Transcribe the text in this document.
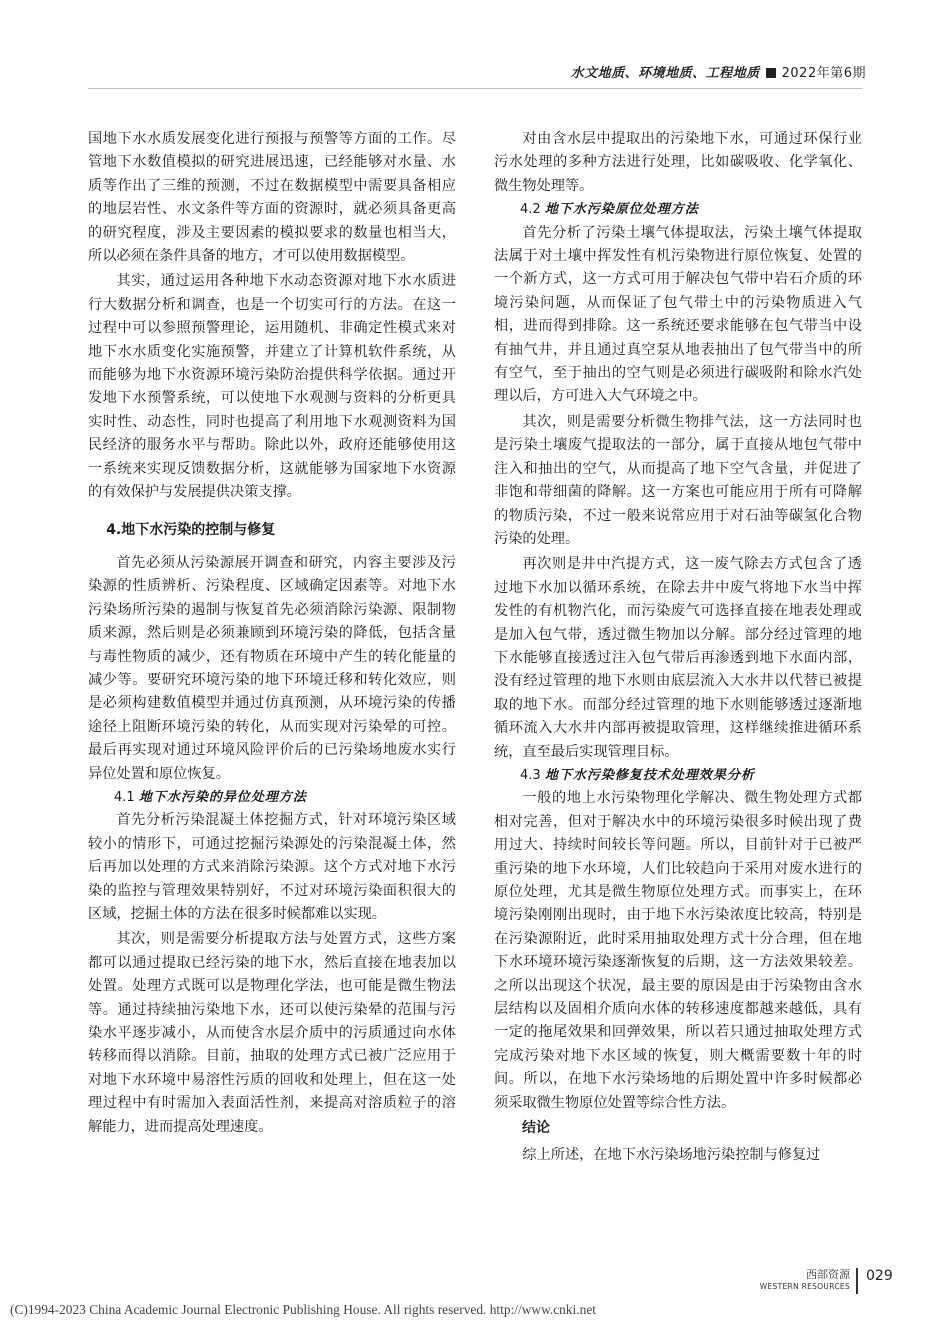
水文地质、环境地质、工程地质 2022年第6期

国地下水水质发展变化进行预报与预警等方面的工作。尽管地下水数值模拟的研究进展迅速，已经能够对水量、水质等作出了三维的预测，不过在数据模型中需要具备相应的地层岩性、水文条件等方面的资源时，就必须具备更高的研究程度，涉及主要因素的模拟要求的数量也相当大，所以必须在条件具备的地方，才可以使用数据模型。

其实，通过运用各种地下水动态资源对地下水水质进行大数据分析和调查，也是一个切实可行的方法。在这一过程中可以参照预警理论，运用随机、非确定性模式来对地下水水质变化实施预警，并建立了计算机软件系统，从而能够为地下水资源环境污染防治提供科学依据。通过开发地下水预警系统，可以使地下水观测与资料的分析更具实时性、动态性，同时也提高了利用地下水观测资料为国民经济的服务水平与帮助。除此以外，政府还能够使用这一系统来实现反馈数据分析，这就能够为国家地下水资源的有效保护与发展提供决策支撑。

4.地下水污染的控制与修复

首先必须从污染源展开调查和研究，内容主要涉及污染源的性质辨析、污染程度、区域确定因素等。对地下水污染场所污染的遏制与恢复首先必须消除污染源、限制物质来源，然后则是必须兼顾到环境污染的降低，包括含量与毒性物质的减少，还有物质在环境中产生的转化能量的减少等。要研究环境污染的地下环境迁移和转化效应，则是必须构建数值模型并通过仿真预测，从环境污染的传播途径上阻断环境污染的转化，从而实现对污染晕的可控。最后再实现对通过环境风险评价后的已污染场地废水实行异位处置和原位恢复。

4.1 地下水污染的异位处理方法

首先分析污染混凝土体挖掘方式，针对环境污染区域较小的情形下，可通过挖掘污染源处的污染混凝土体，然后再加以处理的方式来消除污染源。这个方式对地下水污染的监控与管理效果特别好，不过对环境污染面积很大的区域，挖掘土体的方法在很多时候都难以实现。

其次，则是需要分析提取方法与处置方式，这些方案都可以通过提取已经污染的地下水，然后直接在地表加以处置。处理方式既可以是物理化学法，也可能是微生物法等。通过持续抽污染地下水，还可以使污染晕的范围与污染水平逐步减小，从而使含水层介质中的污质通过向水体转移而得以消除。目前，抽取的处理方式已被广泛应用于对地下水环境中易溶性污质的回收和处理上，但在这一处理过程中有时需加入表面活性剂，来提高对溶质粒子的溶解能力，进而提高处理速度。

对由含水层中提取出的污染地下水，可通过环保行业污水处理的多种方法进行处理，比如碳吸收、化学氧化、微生物处理等。

4.2 地下水污染原位处理方法

首先分析了污染土壤气体提取法，污染土壤气体提取法属于对土壤中挥发性有机污染物进行原位恢复、处置的一个新方式，这一方式可用于解决包气带中岩石介质的环境污染问题，从而保证了包气带土中的污染物质进入气相，进而得到排除。这一系统还要求能够在包气带当中设有抽气井，并且通过真空泵从地表抽出了包气带当中的所有空气，至于抽出的空气则是必须进行碳吸附和除水汽处理以后，方可进入大气环境之中。

其次，则是需要分析微生物排气法，这一方法同时也是污染土壤废气提取法的一部分，属于直接从地包气带中注入和抽出的空气，从而提高了地下空气含量，并促进了非饱和带细菌的降解。这一方案也可能应用于所有可降解的物质污染，不过一般来说常应用于对石油等碳氢化合物污染的处理。

再次则是井中汽提方式，这一废气除去方式包含了透过地下水加以循环系统，在除去井中废气将地下水当中挥发性的有机物汽化，而污染废气可选择直接在地表处理或是加入包气带，透过微生物加以分解。部分经过管理的地下水能够直接透过注入包气带后再渗透到地下水面内部，没有经过管理的地下水则由底层流入大水井以代替已被提取的地下水。而部分经过管理的地下水则能够透过逐渐地循环流入大水井内部再被提取管理，这样继续推进循环系统，直至最后实现管理目标。

4.3 地下水污染修复技术处理效果分析

一般的地上水污染物理化学解决、微生物处理方式都相对完善，但对于解决水中的环境污染很多时候出现了费用过大、持续时间较长等问题。所以，目前针对于已被严重污染的地下水环境，人们比较趋向于采用对废水进行的原位处理，尤其是微生物原位处理方式。而事实上，在环境污染刚刚出现时，由于地下水污染浓度比较高，特别是在污染源附近，此时采用抽取处理方式十分合理，但在地下水环境环境污染逐渐恢复的后期，这一方法效果较差。之所以出现这个状况，最主要的原因是由于污染物由含水层结构以及固相介质向水体的转移速度都越来越低，具有一定的拖尾效果和回弹效果，所以若只通过抽取处理方式完成污染对地下水区域的恢复，则大概需要数十年的时间。所以，在地下水污染场地的后期处置中许多时候都必须采取微生物原位处置等综合性方法。

结论

综上所述，在地下水污染场地污染控制与修复过

西部资源
WESTERN RESOURCES
029
(C)1994-2023 China Academic Journal Electronic Publishing House. All rights reserved. http://www.cnki.net
